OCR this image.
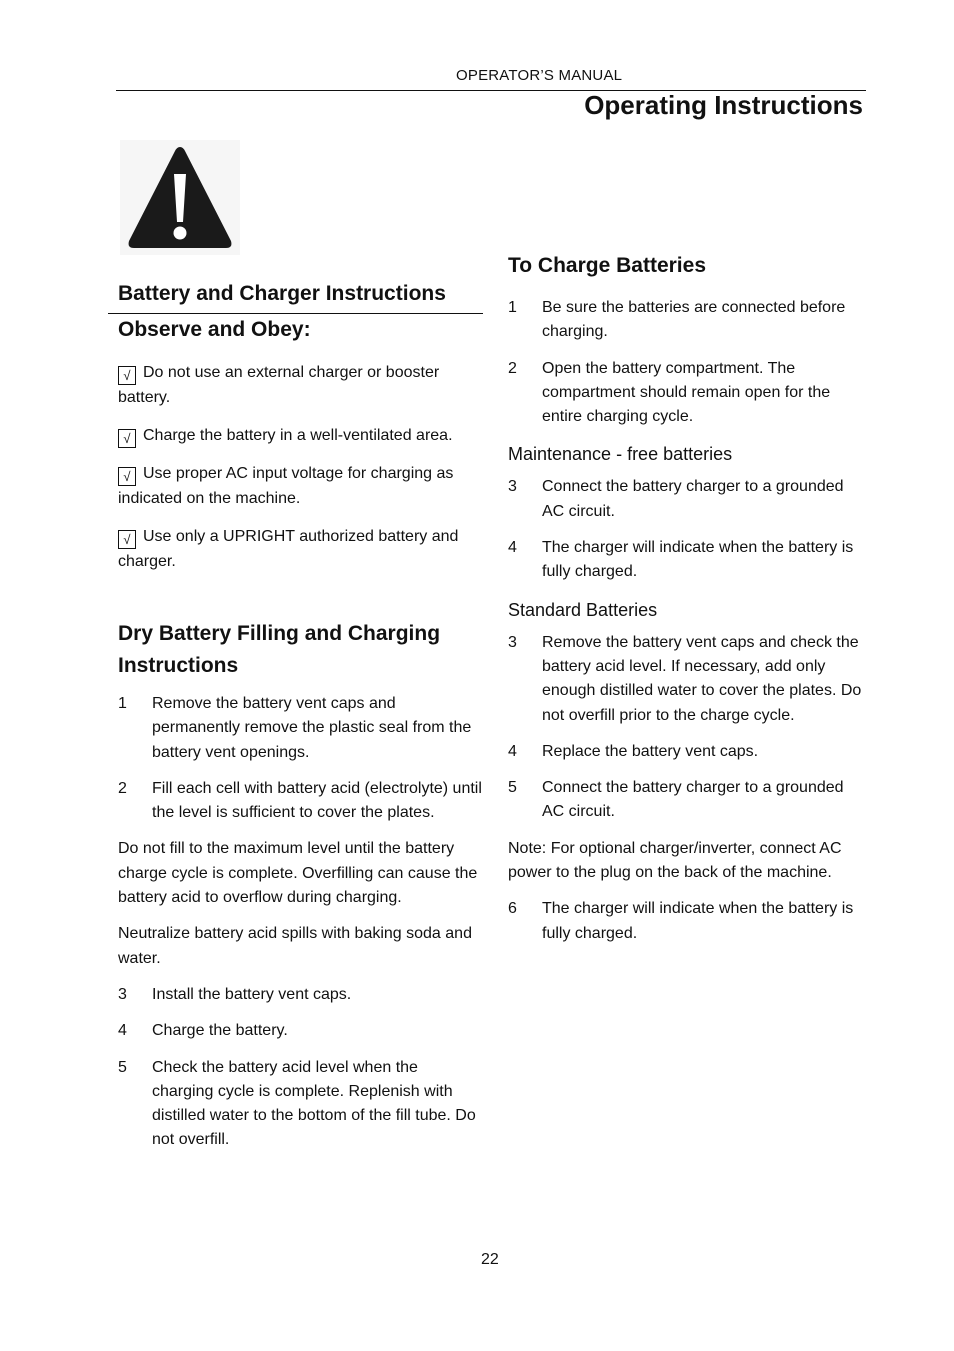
OPERATOR’S MANUAL
Operating Instructions
Battery and Charger Instructions
Observe and Obey:

√ Do not use an external charger or booster battery.

√ Charge the battery in a well-ventilated area.

√ Use proper AC input voltage for charging as indicated on the machine.

√ Use only a UPRIGHT authorized battery and charger.

Dry Battery Filling and Charging Instructions
1	Remove the battery vent caps and permanently remove the plastic seal from the battery vent openings.
2	Fill each cell with battery acid (electrolyte) until the level is sufficient to cover the plates.

Do not fill to the maximum level until the battery charge cycle is complete. Overfilling can cause the battery acid to overflow during charging.

Neutralize battery acid spills with baking soda and water.

3	Install the battery vent caps.
4	Charge the battery.
5	Check the battery acid level when the charging cycle is complete. Replenish with distilled water to the bottom of the fill tube. Do not overfill.
To Charge Batteries
1	Be sure the batteries are connected before charging.
2	Open the battery compartment. The compartment should remain open for the entire charging cycle.

Maintenance - free batteries

3	Connect the battery charger to a grounded AC circuit.
4	The charger will indicate when the battery is fully charged.

Standard Batteries

3	Remove the battery vent caps and check the battery acid level. If necessary, add only enough distilled water to cover the plates. Do not overfill prior to the charge cycle.
4	Replace the battery vent caps.
5	Connect the battery charger to a grounded AC circuit.

Note: For optional charger/inverter, connect AC power to the plug on the back of the machine.

6	The charger will indicate when the battery is fully charged.
22
